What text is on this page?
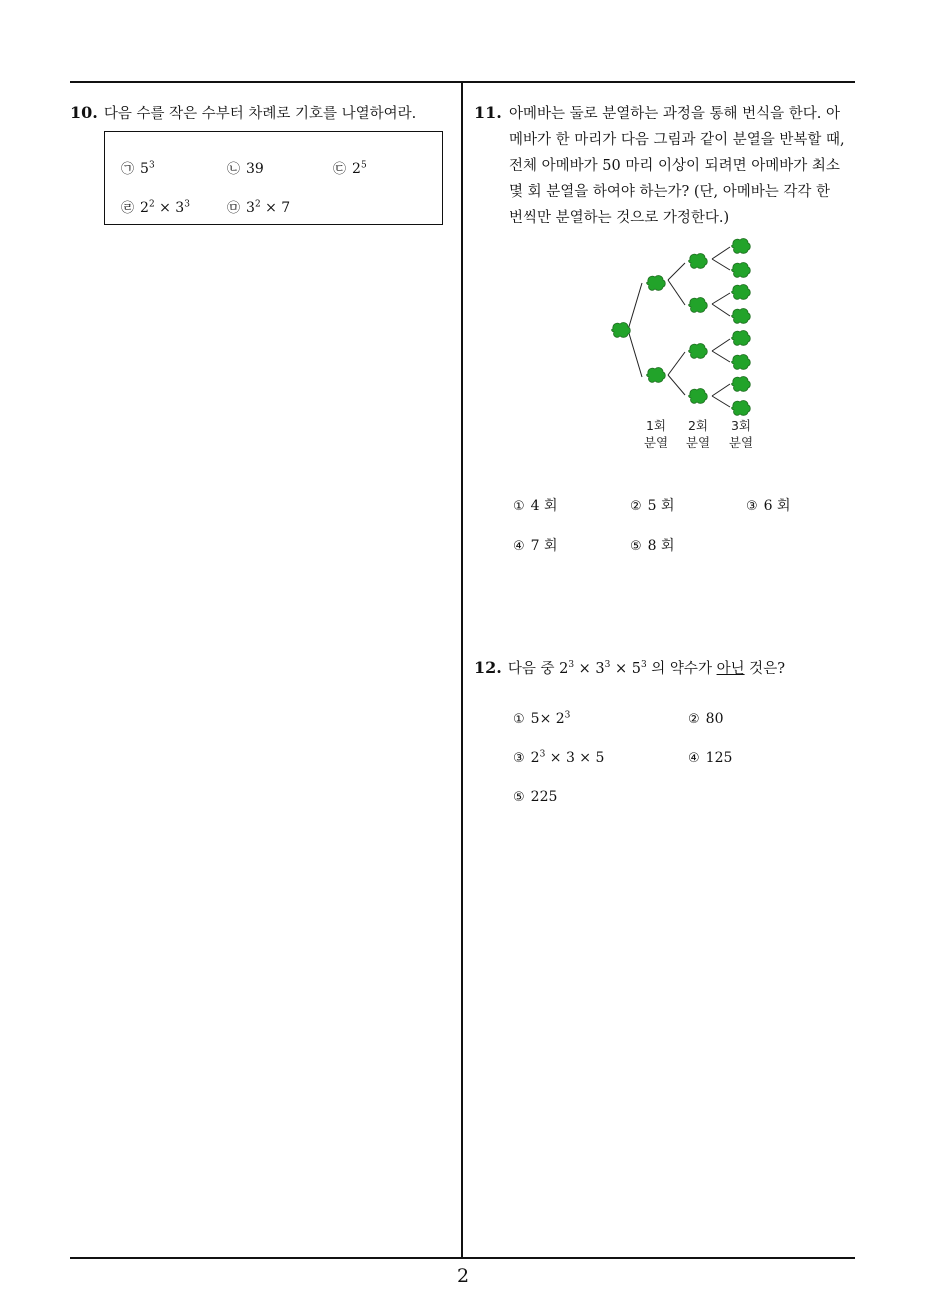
10. 다음 수를 작은 수부터 차례로 기호를 나열하여라.
㉠ $5^3$	㉡ 39	㉢ $2^5$
㉣ $2^2 \times 3^3$	㉤ $3^2 \times 7$
11. 아메바는 둘로 분열하는 과정을 통해 번식을 한다. 아
메바가 한 마리가 다음 그림과 같이 분열을 반복할 때,
전체 아메바가 50 마리 이상이 되려면 아메바가 최소
몇 회 분열을 하여야 하는가? (단, 아메바는 각각 한
번씩만 분열하는 것으로 가정한다.)
1회
분열
2회
분열
3회
분열
① 4 회	② 5 회	③ 6 회
④ 7 회	⑤ 8 회
12. 다음 중 $2^3 \times 3^3 \times 5^3$ 의 약수가 아닌 것은?
① $5\times 2^3$	② 80
③ $2^3 \times 3 \times 5$	④ 125
⑤ 225
2
